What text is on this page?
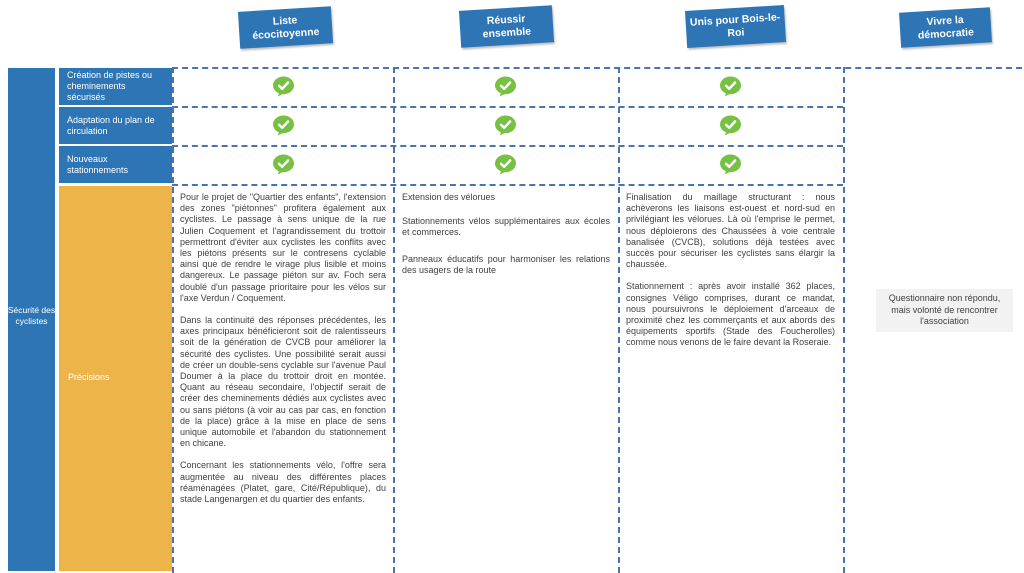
Liste écocitoyenne
Réussir ensemble
Unis pour Bois-le-Roi
Vivre la démocratie
Sécurité des cyclistes
Création de pistes ou cheminements sécurisés
Adaptation du plan de circulation
Nouveaux stationnements
Précisions

Pour le projet de "Quartier des enfants", l'extension des zones "piétonnes" profitera également aux cyclistes. Le passage à sens unique de la rue Julien Coquement et l'agrandissement du trottoir permettront d'éviter aux cyclistes les conflits avec les piétons présents sur le contresens cyclable ainsi que de rendre le virage plus lisible et moins dangereux. Le passage piéton sur av. Foch sera doublé d'un passage prioritaire pour les vélos sur l'axe Verdun / Coquement.

Dans la continuité des réponses précédentes, les axes principaux bénéficieront soit de ralentisseurs soit de la génération de CVCB pour améliorer la sécurité des cyclistes. Une possibilité serait aussi de créer un double-sens cyclable sur l'avenue Paul Doumer à la place du trottoir droit en montée. Quant au réseau secondaire, l'objectif serait de créer des cheminements dédiés aux cyclistes avec ou sans piétons (à voir au cas par cas, en fonction de la place) grâce à la mise en place de sens unique automobile et l'abandon du stationnement en chicane.

Concernant les stationnements vélo, l'offre sera augmentée au niveau des différentes places réaménagées (Platet, gare, Cité/République), du stade Langenargen et du quartier des enfants.

Extension des vélorues

Stationnements vélos supplémentaires aux écoles et commerces.

Panneaux éducatifs pour harmoniser les relations des usagers de la route

Finalisation du maillage structurant : nous achèverons les liaisons est-ouest et nord-sud en privilégiant les vélorues. Là où l'emprise le permet, nous déploierons des Chaussées à voie centrale banalisée (CVCB), solutions déjà testées avec succès pour sécuriser les cyclistes sans élargir la chaussée.

Stationnement : après avoir installé 362 places, consignes Véligo comprises, durant ce mandat, nous poursuivrons le déploiement d'arceaux de proximité chez les commerçants et aux abords des équipements sportifs (Stade des Foucherolles) comme nous venons de le faire devant la Roseraie.

Questionnaire non répondu, mais volonté de rencontrer l'association
